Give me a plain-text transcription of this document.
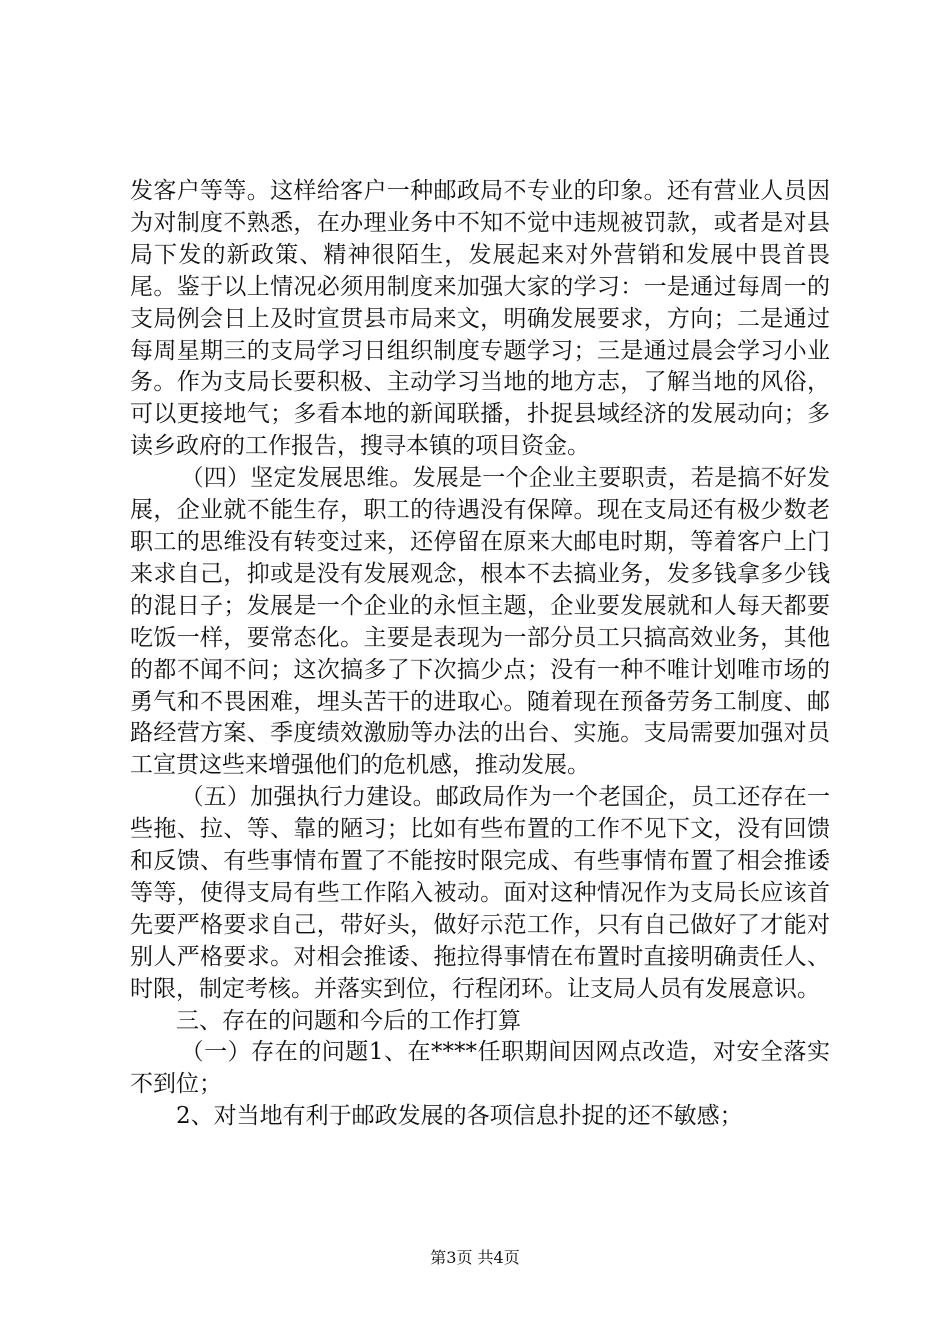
发客户等等。这样给客户一种邮政局不专业的印象。还有营业人员因为对制度不熟悉，在办理业务中不知不觉中违规被罚款，或者是对县局下发的新政策、精神很陌生，发展起来对外营销和发展中畏首畏尾。鉴于以上情况必须用制度来加强大家的学习：一是通过每周一的支局例会日上及时宣贯县市局来文，明确发展要求，方向；二是通过每周星期三的支局学习日组织制度专题学习；三是通过晨会学习小业务。作为支局长要积极、主动学习当地的地方志，了解当地的风俗，可以更接地气；多看本地的新闻联播，扑捉县域经济的发展动向；多读乡政府的工作报告，搜寻本镇的项目资金。

（四）坚定发展思维。发展是一个企业主要职责，若是搞不好发展，企业就不能生存，职工的待遇没有保障。现在支局还有极少数老职工的思维没有转变过来，还停留在原来大邮电时期，等着客户上门来求自己，抑或是没有发展观念，根本不去搞业务，发多钱拿多少钱的混日子；发展是一个企业的永恒主题，企业要发展就和人每天都要吃饭一样，要常态化。主要是表现为一部分员工只搞高效业务，其他的都不闻不问；这次搞多了下次搞少点；没有一种不唯计划唯市场的勇气和不畏困难，埋头苦干的进取心。随着现在预备劳务工制度、邮路经营方案、季度绩效激励等办法的出台、实施。支局需要加强对员工宣贯这些来增强他们的危机感，推动发展。

（五）加强执行力建设。邮政局作为一个老国企，员工还存在一些拖、拉、等、靠的陋习；比如有些布置的工作不见下文，没有回馈和反馈、有些事情布置了不能按时限完成、有些事情布置了相会推诿等等，使得支局有些工作陷入被动。面对这种情况作为支局长应该首先要严格要求自己，带好头，做好示范工作，只有自己做好了才能对别人严格要求。对相会推诿、拖拉得事情在布置时直接明确责任人、时限，制定考核。并落实到位，行程闭环。让支局人员有发展意识。

三、存在的问题和今后的工作打算

（一）存在的问题1、在****任职期间因网点改造，对安全落实不到位；

2、对当地有利于邮政发展的各项信息扑捉的还不敏感；

第3页 共4页
